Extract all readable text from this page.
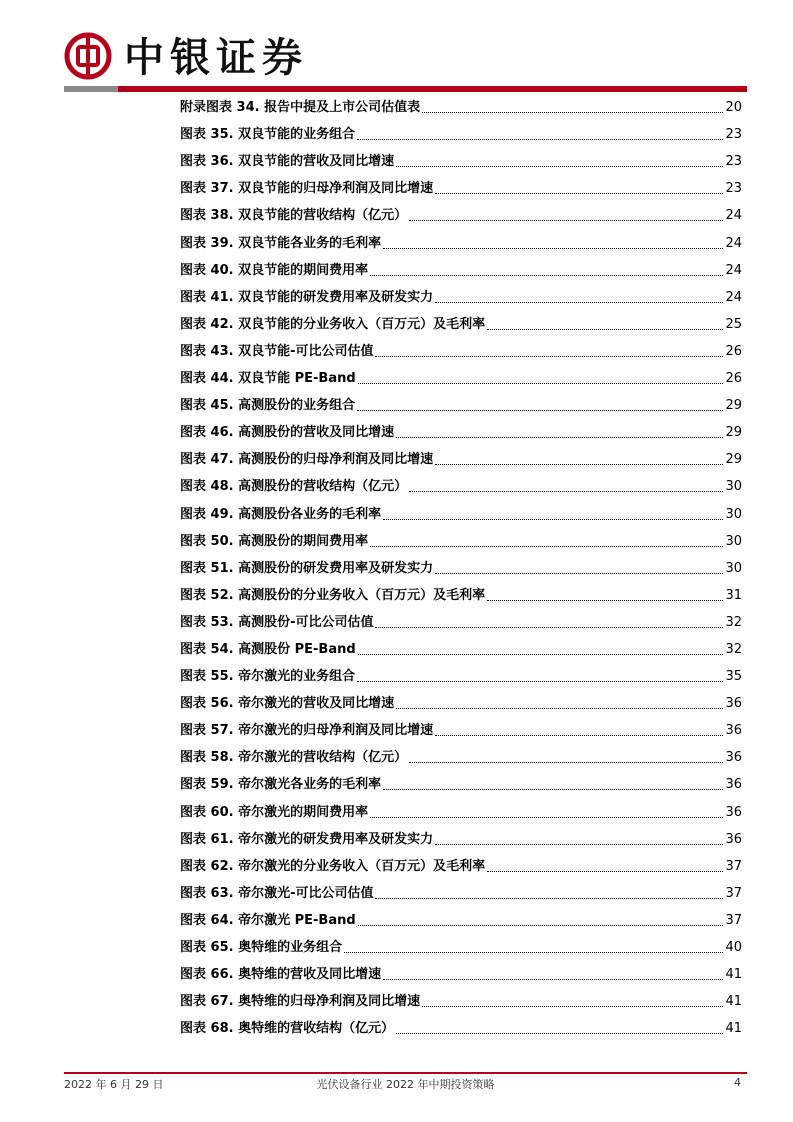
中银证券
附录图表 34. 报告中提及上市公司估值表	20
图表 35. 双良节能的业务组合	23
图表 36. 双良节能的营收及同比增速	23
图表 37. 双良节能的归母净利润及同比增速	23
图表 38. 双良节能的营收结构（亿元）	24
图表 39. 双良节能各业务的毛利率	24
图表 40. 双良节能的期间费用率	24
图表 41. 双良节能的研发费用率及研发实力	24
图表 42. 双良节能的分业务收入（百万元）及毛利率	25
图表 43. 双良节能-可比公司估值	26
图表 44. 双良节能 PE-Band	26
图表 45. 高测股份的业务组合	29
图表 46. 高测股份的营收及同比增速	29
图表 47. 高测股份的归母净利润及同比增速	29
图表 48. 高测股份的营收结构（亿元）	30
图表 49. 高测股份各业务的毛利率	30
图表 50. 高测股份的期间费用率	30
图表 51. 高测股份的研发费用率及研发实力	30
图表 52. 高测股份的分业务收入（百万元）及毛利率	31
图表 53. 高测股份-可比公司估值	32
图表 54. 高测股份 PE-Band	32
图表 55. 帝尔激光的业务组合	35
图表 56. 帝尔激光的营收及同比增速	36
图表 57. 帝尔激光的归母净利润及同比增速	36
图表 58. 帝尔激光的营收结构（亿元）	36
图表 59. 帝尔激光各业务的毛利率	36
图表 60. 帝尔激光的期间费用率	36
图表 61. 帝尔激光的研发费用率及研发实力	36
图表 62. 帝尔激光的分业务收入（百万元）及毛利率	37
图表 63. 帝尔激光-可比公司估值	37
图表 64. 帝尔激光 PE-Band	37
图表 65. 奥特维的业务组合	40
图表 66. 奥特维的营收及同比增速	41
图表 67. 奥特维的归母净利润及同比增速	41
图表 68. 奥特维的营收结构（亿元）	41
2022 年 6 月 29 日	光伏设备行业 2022 年中期投资策略	4
